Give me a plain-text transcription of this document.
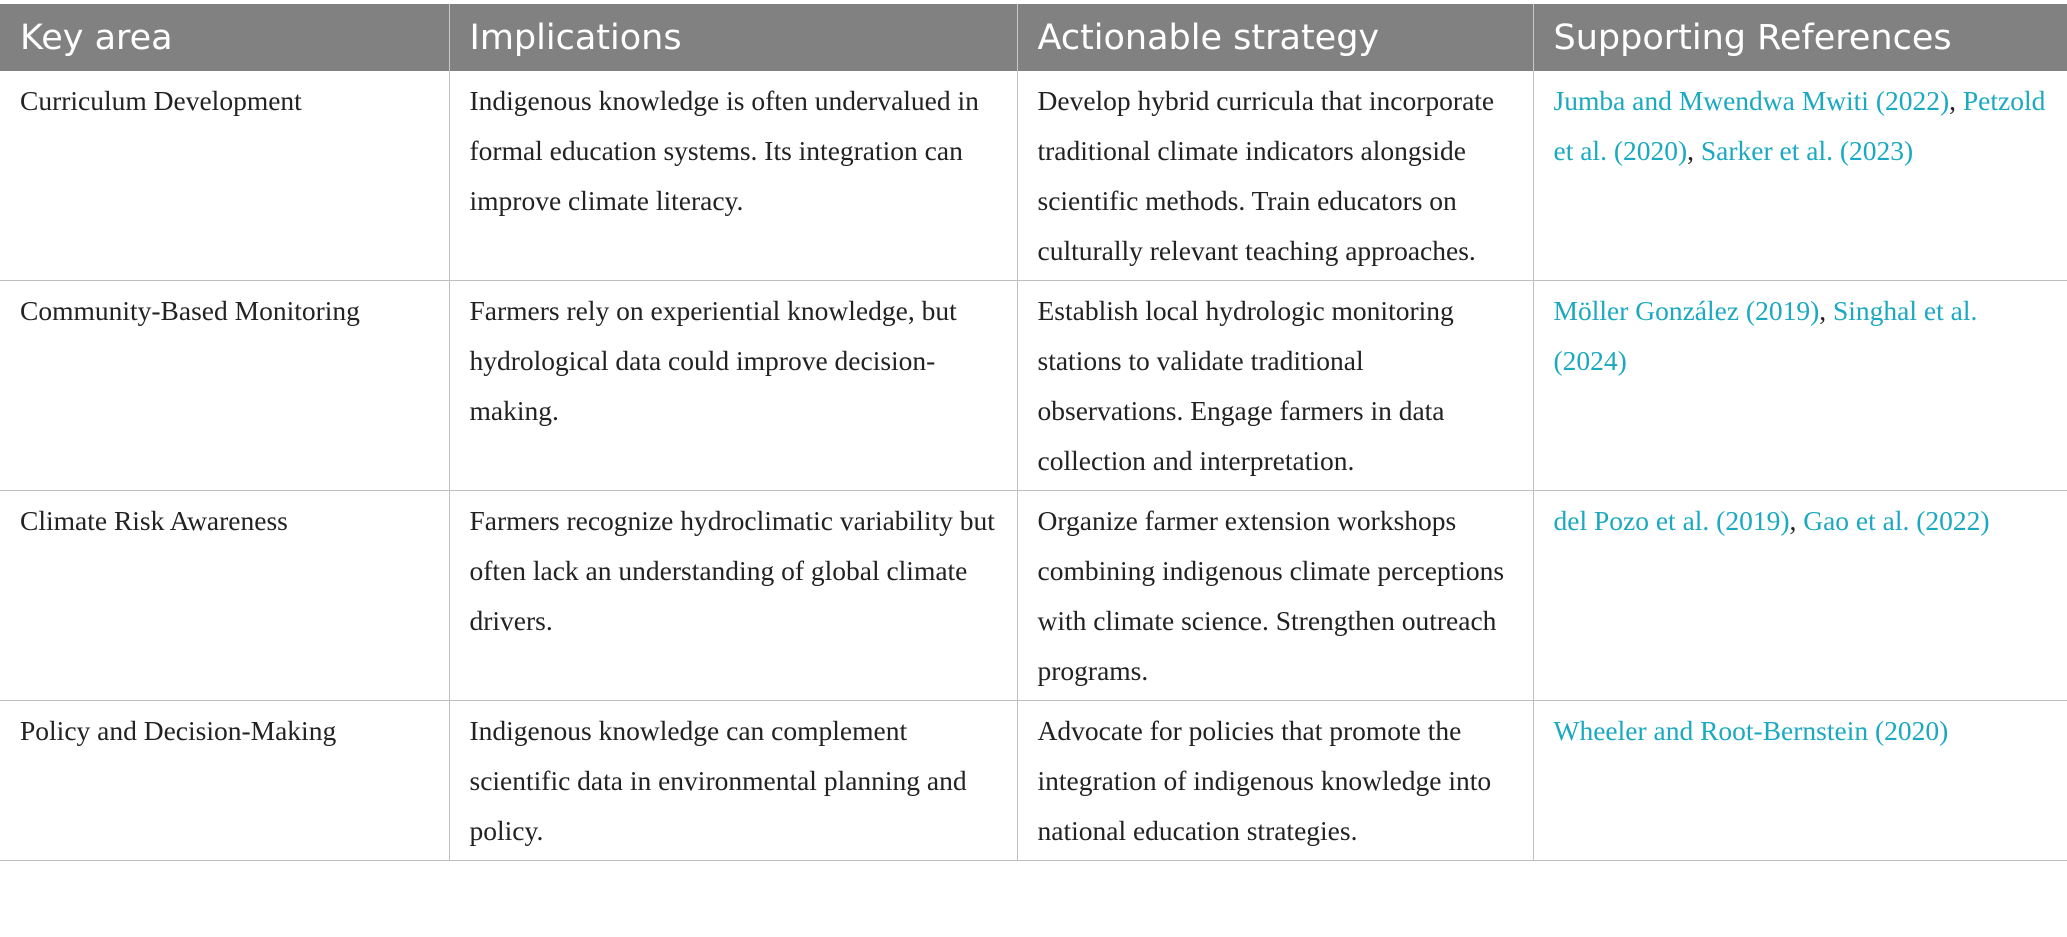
Key area	Implications	Actionable strategy	Supporting References
Curriculum Development	Indigenous knowledge is often undervalued in formal education systems. Its integration can improve climate literacy.	Develop hybrid curricula that incorporate traditional climate indicators alongside scientific methods. Train educators on culturally relevant teaching approaches.	Jumba and Mwendwa Mwiti (2022), Petzold et al. (2020), Sarker et al. (2023)
Community-Based Monitoring	Farmers rely on experiential knowledge, but hydrological data could improve decision-making.	Establish local hydrologic monitoring stations to validate traditional observations. Engage farmers in data collection and interpretation.	Möller González (2019), Singhal et al. (2024)
Climate Risk Awareness	Farmers recognize hydroclimatic variability but often lack an understanding of global climate drivers.	Organize farmer extension workshops combining indigenous climate perceptions with climate science. Strengthen outreach programs.	del Pozo et al. (2019), Gao et al. (2022)
Policy and Decision-Making	Indigenous knowledge can complement scientific data in environmental planning and policy.	Advocate for policies that promote the integration of indigenous knowledge into national education strategies.	Wheeler and Root-Bernstein (2020)
